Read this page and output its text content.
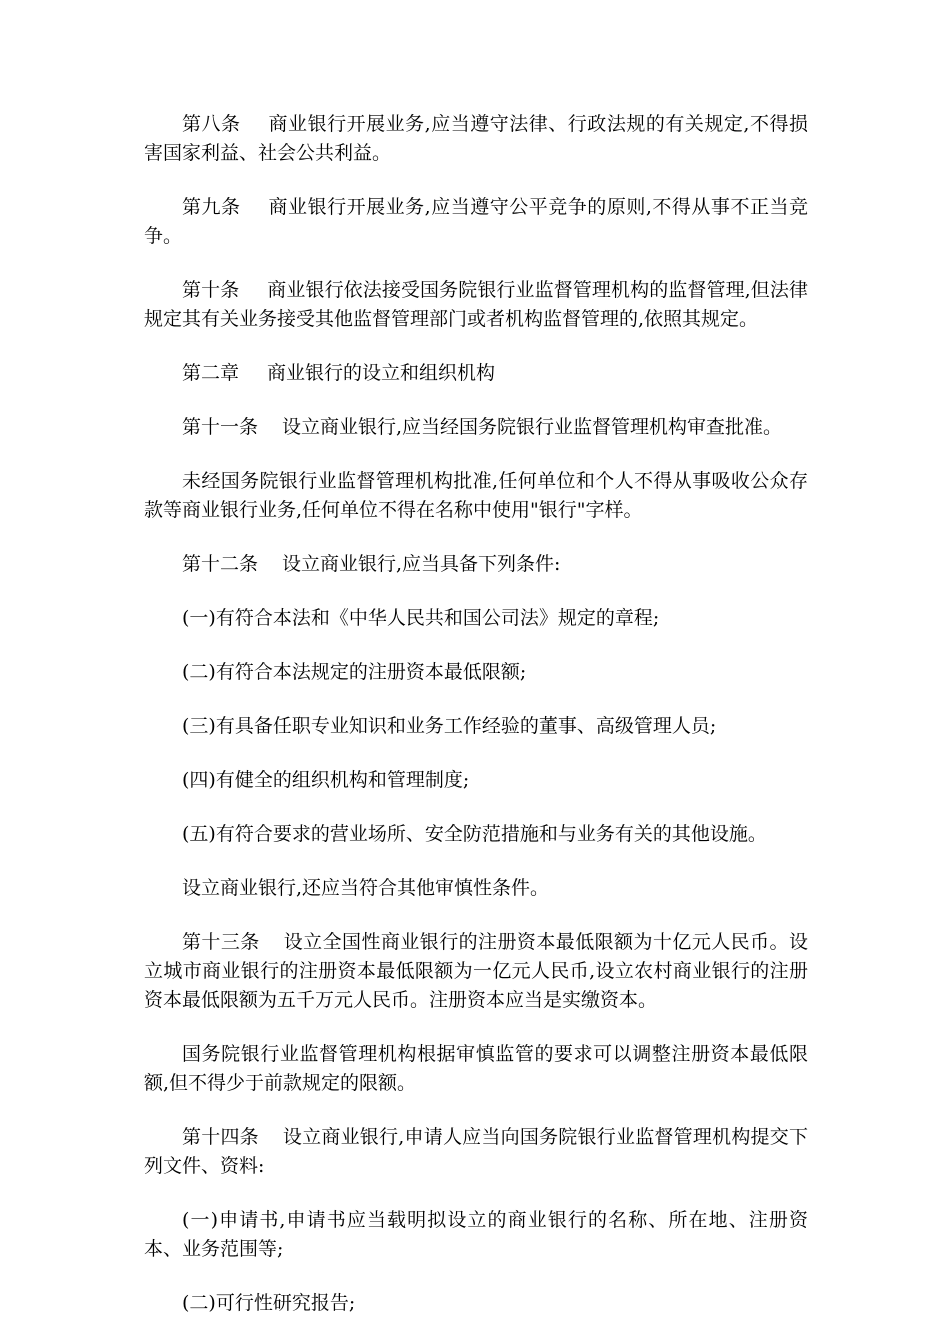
第八条 商业银行开展业务,应当遵守法律、行政法规的有关规定,不得损害国家利益、社会公共利益。

第九条 商业银行开展业务,应当遵守公平竞争的原则,不得从事不正当竞争。

第十条 商业银行依法接受国务院银行业监督管理机构的监督管理,但法律规定其有关业务接受其他监督管理部门或者机构监督管理的,依照其规定。

第二章 商业银行的设立和组织机构

第十一条 设立商业银行,应当经国务院银行业监督管理机构审查批准。

未经国务院银行业监督管理机构批准,任何单位和个人不得从事吸收公众存款等商业银行业务,任何单位不得在名称中使用"银行"字样。

第十二条 设立商业银行,应当具备下列条件:

(一)有符合本法和《中华人民共和国公司法》规定的章程;

(二)有符合本法规定的注册资本最低限额;

(三)有具备任职专业知识和业务工作经验的董事、高级管理人员;

(四)有健全的组织机构和管理制度;

(五)有符合要求的营业场所、安全防范措施和与业务有关的其他设施。

设立商业银行,还应当符合其他审慎性条件。

第十三条 设立全国性商业银行的注册资本最低限额为十亿元人民币。设立城市商业银行的注册资本最低限额为一亿元人民币,设立农村商业银行的注册资本最低限额为五千万元人民币。注册资本应当是实缴资本。

国务院银行业监督管理机构根据审慎监管的要求可以调整注册资本最低限额,但不得少于前款规定的限额。

第十四条 设立商业银行,申请人应当向国务院银行业监督管理机构提交下列文件、资料:

(一)申请书,申请书应当载明拟设立的商业银行的名称、所在地、注册资本、业务范围等;

(二)可行性研究报告;
